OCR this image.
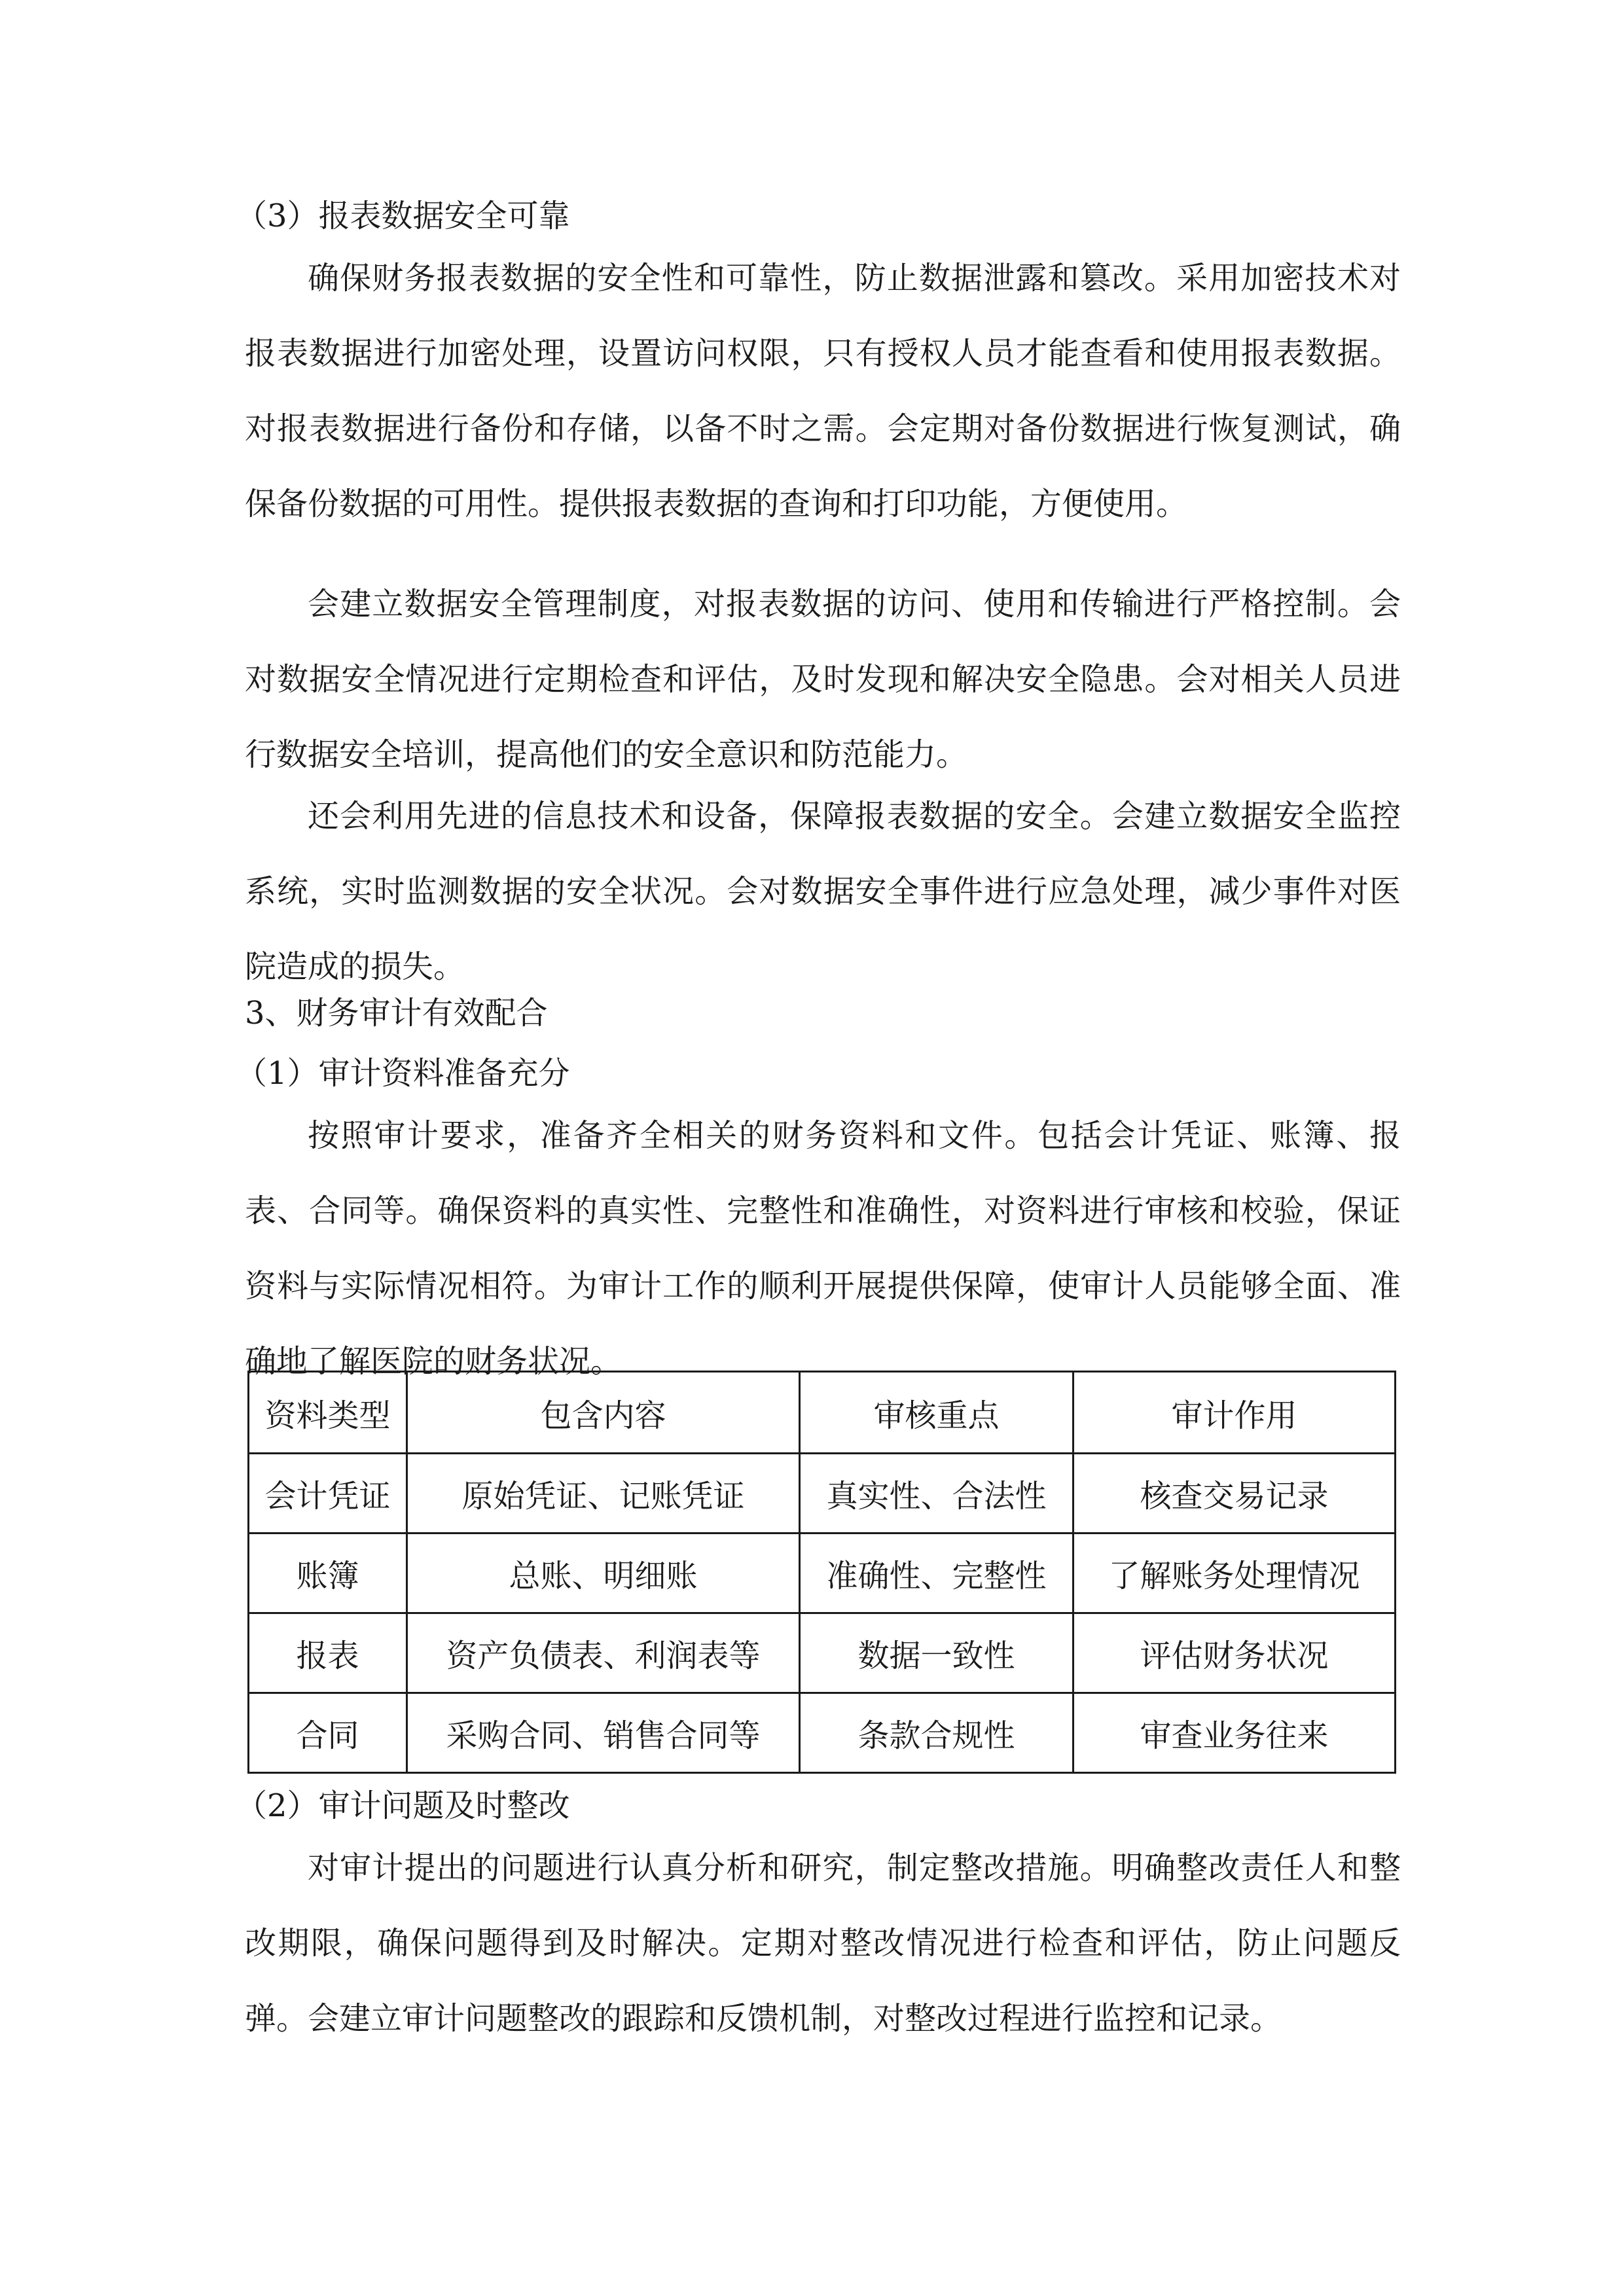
（3）报表数据安全可靠

确保财务报表数据的安全性和可靠性，防止数据泄露和篡改。采用加密技术对报表数据进行加密处理，设置访问权限，只有授权人员才能查看和使用报表数据。对报表数据进行备份和存储，以备不时之需。会定期对备份数据进行恢复测试，确保备份数据的可用性。提供报表数据的查询和打印功能，方便使用。

会建立数据安全管理制度，对报表数据的访问、使用和传输进行严格控制。会对数据安全情况进行定期检查和评估，及时发现和解决安全隐患。会对相关人员进行数据安全培训，提高他们的安全意识和防范能力。

还会利用先进的信息技术和设备，保障报表数据的安全。会建立数据安全监控系统，实时监测数据的安全状况。会对数据安全事件进行应急处理，减少事件对医院造成的损失。

3、财务审计有效配合

（1）审计资料准备充分

按照审计要求，准备齐全相关的财务资料和文件。包括会计凭证、账簿、报表、合同等。确保资料的真实性、完整性和准确性，对资料进行审核和校验，保证资料与实际情况相符。为审计工作的顺利开展提供保障，使审计人员能够全面、准确地了解医院的财务状况。

资料类型	包含内容	审核重点	审计作用
会计凭证	原始凭证、记账凭证	真实性、合法性	核查交易记录
账簿	总账、明细账	准确性、完整性	了解账务处理情况
报表	资产负债表、利润表等	数据一致性	评估财务状况
合同	采购合同、销售合同等	条款合规性	审查业务往来

（2）审计问题及时整改

对审计提出的问题进行认真分析和研究，制定整改措施。明确整改责任人和整改期限，确保问题得到及时解决。定期对整改情况进行检查和评估，防止问题反弹。会建立审计问题整改的跟踪和反馈机制，对整改过程进行监控和记录。
